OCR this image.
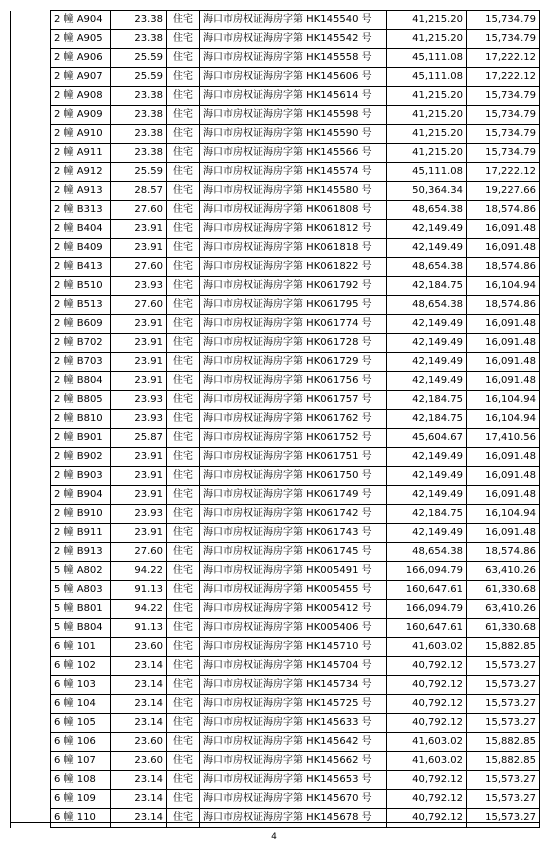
	2 幢 A904	23.38	住宅	海口市房权证海房字第 HK145540 号	41,215.20	15,734.79
	2 幢 A905	23.38	住宅	海口市房权证海房字第 HK145542 号	41,215.20	15,734.79
	2 幢 A906	25.59	住宅	海口市房权证海房字第 HK145558 号	45,111.08	17,222.12
	2 幢 A907	25.59	住宅	海口市房权证海房字第 HK145606 号	45,111.08	17,222.12
	2 幢 A908	23.38	住宅	海口市房权证海房字第 HK145614 号	41,215.20	15,734.79
	2 幢 A909	23.38	住宅	海口市房权证海房字第 HK145598 号	41,215.20	15,734.79
	2 幢 A910	23.38	住宅	海口市房权证海房字第 HK145590 号	41,215.20	15,734.79
	2 幢 A911	23.38	住宅	海口市房权证海房字第 HK145566 号	41,215.20	15,734.79
	2 幢 A912	25.59	住宅	海口市房权证海房字第 HK145574 号	45,111.08	17,222.12
	2 幢 A913	28.57	住宅	海口市房权证海房字第 HK145580 号	50,364.34	19,227.66
	2 幢 B313	27.60	住宅	海口市房权证海房字第 HK061808 号	48,654.38	18,574.86
	2 幢 B404	23.91	住宅	海口市房权证海房字第 HK061812 号	42,149.49	16,091.48
	2 幢 B409	23.91	住宅	海口市房权证海房字第 HK061818 号	42,149.49	16,091.48
	2 幢 B413	27.60	住宅	海口市房权证海房字第 HK061822 号	48,654.38	18,574.86
	2 幢 B510	23.93	住宅	海口市房权证海房字第 HK061792 号	42,184.75	16,104.94
	2 幢 B513	27.60	住宅	海口市房权证海房字第 HK061795 号	48,654.38	18,574.86
	2 幢 B609	23.91	住宅	海口市房权证海房字第 HK061774 号	42,149.49	16,091.48
	2 幢 B702	23.91	住宅	海口市房权证海房字第 HK061728 号	42,149.49	16,091.48
	2 幢 B703	23.91	住宅	海口市房权证海房字第 HK061729 号	42,149.49	16,091.48
	2 幢 B804	23.91	住宅	海口市房权证海房字第 HK061756 号	42,149.49	16,091.48
	2 幢 B805	23.93	住宅	海口市房权证海房字第 HK061757 号	42,184.75	16,104.94
	2 幢 B810	23.93	住宅	海口市房权证海房字第 HK061762 号	42,184.75	16,104.94
	2 幢 B901	25.87	住宅	海口市房权证海房字第 HK061752 号	45,604.67	17,410.56
	2 幢 B902	23.91	住宅	海口市房权证海房字第 HK061751 号	42,149.49	16,091.48
	2 幢 B903	23.91	住宅	海口市房权证海房字第 HK061750 号	42,149.49	16,091.48
	2 幢 B904	23.91	住宅	海口市房权证海房字第 HK061749 号	42,149.49	16,091.48
	2 幢 B910	23.93	住宅	海口市房权证海房字第 HK061742 号	42,184.75	16,104.94
	2 幢 B911	23.91	住宅	海口市房权证海房字第 HK061743 号	42,149.49	16,091.48
	2 幢 B913	27.60	住宅	海口市房权证海房字第 HK061745 号	48,654.38	18,574.86
	5 幢 A802	94.22	住宅	海口市房权证海房字第 HK005491 号	166,094.79	63,410.26
	5 幢 A803	91.13	住宅	海口市房权证海房字第 HK005455 号	160,647.61	61,330.68
	5 幢 B801	94.22	住宅	海口市房权证海房字第 HK005412 号	166,094.79	63,410.26
	5 幢 B804	91.13	住宅	海口市房权证海房字第 HK005406 号	160,647.61	61,330.68
	6 幢 101	23.60	住宅	海口市房权证海房字第 HK145710 号	41,603.02	15,882.85
	6 幢 102	23.14	住宅	海口市房权证海房字第 HK145704 号	40,792.12	15,573.27
	6 幢 103	23.14	住宅	海口市房权证海房字第 HK145734 号	40,792.12	15,573.27
	6 幢 104	23.14	住宅	海口市房权证海房字第 HK145725 号	40,792.12	15,573.27
	6 幢 105	23.14	住宅	海口市房权证海房字第 HK145633 号	40,792.12	15,573.27
	6 幢 106	23.60	住宅	海口市房权证海房字第 HK145642 号	41,603.02	15,882.85
	6 幢 107	23.60	住宅	海口市房权证海房字第 HK145662 号	41,603.02	15,882.85
	6 幢 108	23.14	住宅	海口市房权证海房字第 HK145653 号	40,792.12	15,573.27
	6 幢 109	23.14	住宅	海口市房权证海房字第 HK145670 号	40,792.12	15,573.27
	6 幢 110	23.14	住宅	海口市房权证海房字第 HK145678 号	40,792.12	15,573.27
4
